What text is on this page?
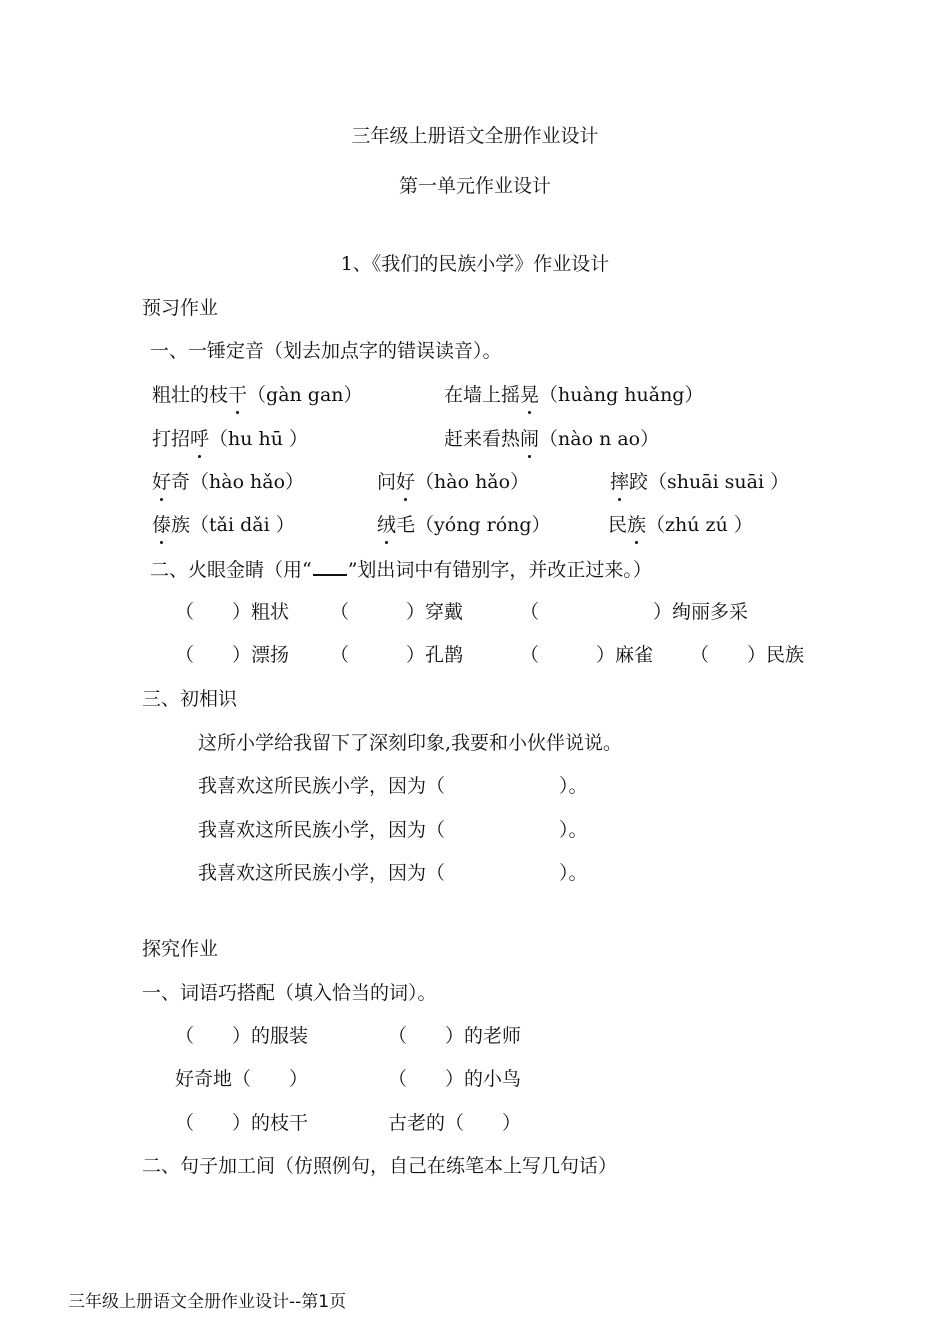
三年级上册语文全册作业设计
第一单元作业设计
1、《我们的民族小学》作业设计
预习作业
一、一锤定音（划去加点字的错误读音）。
粗壮的枝干（gàn gan）	在墙上摇晃（huàng huǎng）
打招呼（hu hū ）	赶来看热闹（nào n ao）
好奇（hào hǎo）	问好（hào hǎo）	摔跤（shuāi suāi ）
傣族（tǎi dǎi ）	绒毛（yóng róng）	民族（zhú zú ）
二、火眼金睛（用“ ”划出词中有错别字，并改正过来。）
（　　）粗状 （　　　）穿戴	（　　　　　　）绚丽多采
（　　）漂扬 （　　　）孔鹊	（　　　）麻雀 （　　）民族
三、初相识
这所小学给我留下了深刻印象,我要和小伙伴说说。
我喜欢这所民族小学，因为（　　　　　　）。
我喜欢这所民族小学，因为（　　　　　　）。
我喜欢这所民族小学，因为（　　　　　　）。
探究作业
一、词语巧搭配（填入恰当的词）。
（　　）的服装	（　　）的老师
好奇地（　　）	（　　）的小鸟
（　　）的枝干	古老的（　　）
二、句子加工间（仿照例句，自己在练笔本上写几句话）
三年级上册语文全册作业设计--第1页
